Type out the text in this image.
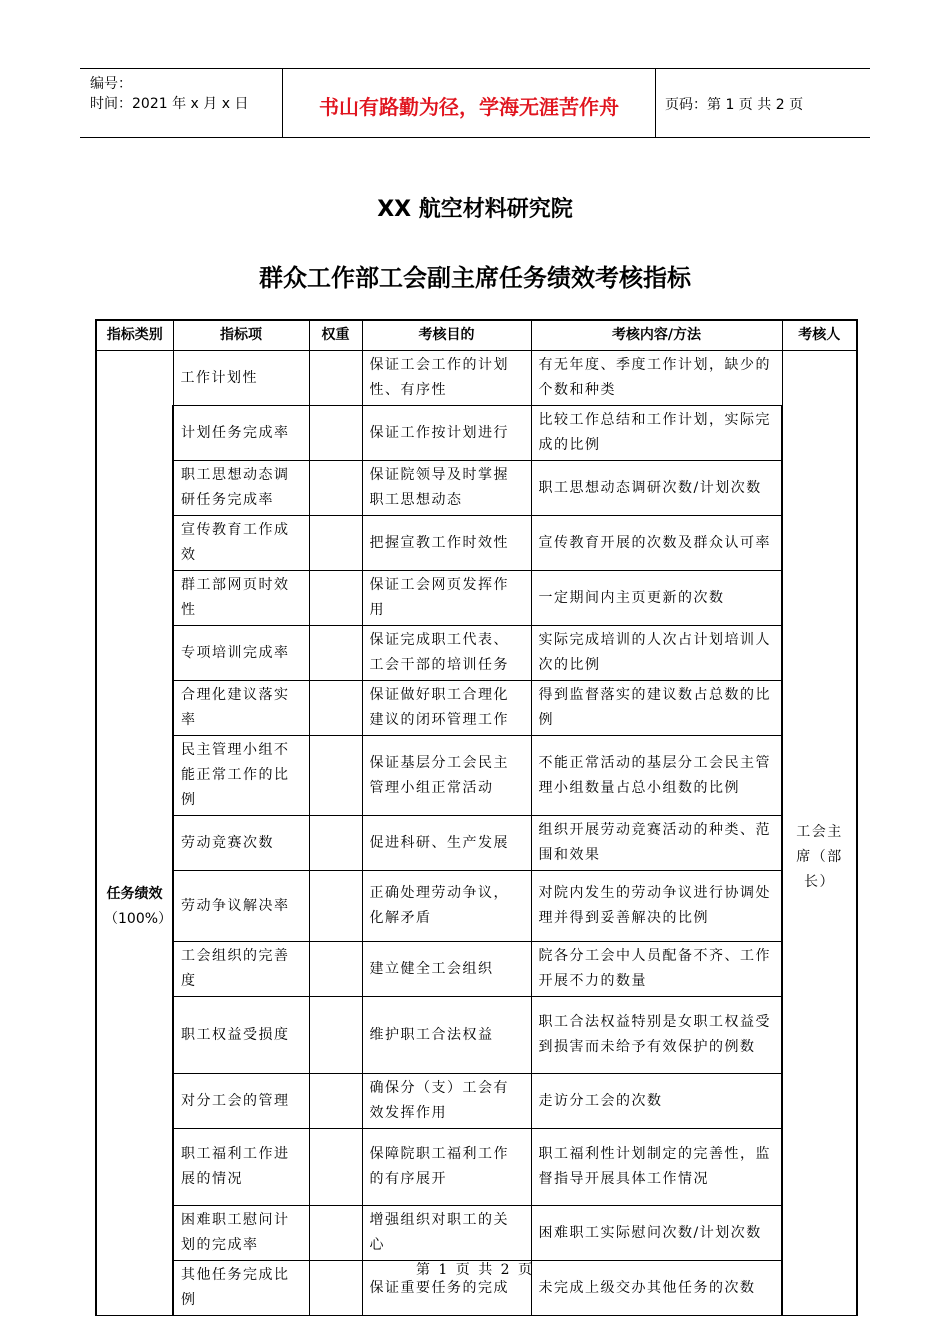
编号：
时间：2021 年 x 月 x 日	书山有路勤为径，学海无涯苦作舟	页码：第 1 页 共 2 页
XX 航空材料研究院
群众工作部工会副主席任务绩效考核指标
指标类别	指标项	权重	考核目的	考核内容/方法	考核人
任务绩效
（100%）	工作计划性		保证工会工作的计划性、有序性	有无年度、季度工作计划，缺少的个数和种类	工会主席（部长）
	计划任务完成率		保证工作按计划进行	比较工作总结和工作计划，实际完成的比例	
	职工思想动态调研任务完成率		保证院领导及时掌握职工思想动态	职工思想动态调研次数/计划次数	
	宣传教育工作成效		把握宣教工作时效性	宣传教育开展的次数及群众认可率	
	群工部网页时效性		保证工会网页发挥作用	一定期间内主页更新的次数	
	专项培训完成率		保证完成职工代表、工会干部的培训任务	实际完成培训的人次占计划培训人次的比例	
	合理化建议落实率		保证做好职工合理化建议的闭环管理工作	得到监督落实的建议数占总数的比例	
	民主管理小组不能正常工作的比例		保证基层分工会民主管理小组正常活动	不能正常活动的基层分工会民主管理小组数量占总小组数的比例	
	劳动竞赛次数		促进科研、生产发展	组织开展劳动竞赛活动的种类、范围和效果	
	劳动争议解决率		正确处理劳动争议，化解矛盾	对院内发生的劳动争议进行协调处理并得到妥善解决的比例	
	工会组织的完善度		建立健全工会组织	院各分工会中人员配备不齐、工作开展不力的数量	
	职工权益受损度		维护职工合法权益	职工合法权益特别是女职工权益受到损害而未给予有效保护的例数	
	对分工会的管理		确保分（支）工会有效发挥作用	走访分工会的次数	
	职工福利工作进展的情况		保障院职工福利工作的有序展开	职工福利性计划制定的完善性，监督指导开展具体工作情况	
	困难职工慰问计划的完成率		增强组织对职工的关心	困难职工实际慰问次数/计划次数	
	其他任务完成比例		保证重要任务的完成	未完成上级交办其他任务的次数	
第 1 页 共 2 页
